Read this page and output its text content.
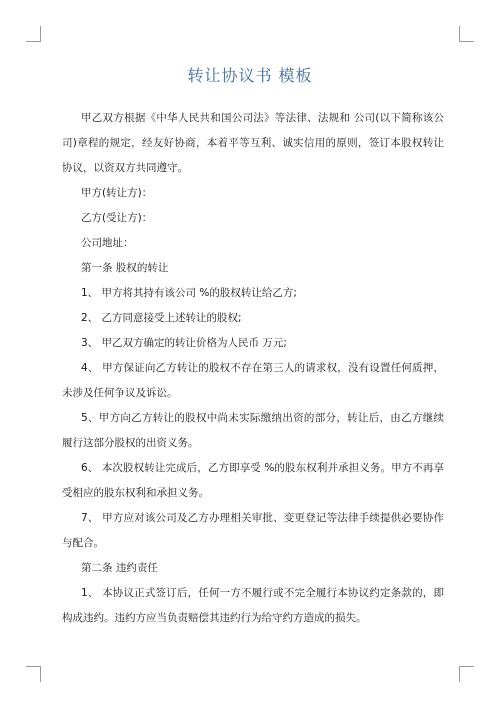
转让协议书 模板

甲乙双方根据《中华人民共和国公司法》等法律、法规和 公司(以下简称该公司)章程的规定，经友好协商，本着平等互利、诚实信用的原则，签订本股权转让协议，以资双方共同遵守。

甲方(转让方)：

乙方(受让方)：

公司地址：

第一条 股权的转让

1、 甲方将其持有该公司 %的股权转让给乙方;

2、 乙方同意接受上述转让的股权;

3、 甲乙双方确定的转让价格为人民币 万元;

4、 甲方保证向乙方转让的股权不存在第三人的请求权，没有设置任何质押，未涉及任何争议及诉讼。

5、甲方向乙方转让的股权中尚未实际缴纳出资的部分，转让后，由乙方继续履行这部分股权的出资义务。

6、 本次股权转让完成后，乙方即享受 %的股东权利并承担义务。甲方不再享受相应的股东权利和承担义务。

7、 甲方应对该公司及乙方办理相关审批、变更登记等法律手续提供必要协作与配合。

第二条 违约责任

1、 本协议正式签订后，任何一方不履行或不完全履行本协议约定条款的，即构成违约。违约方应当负责赔偿其违约行为给守约方造成的损失。
